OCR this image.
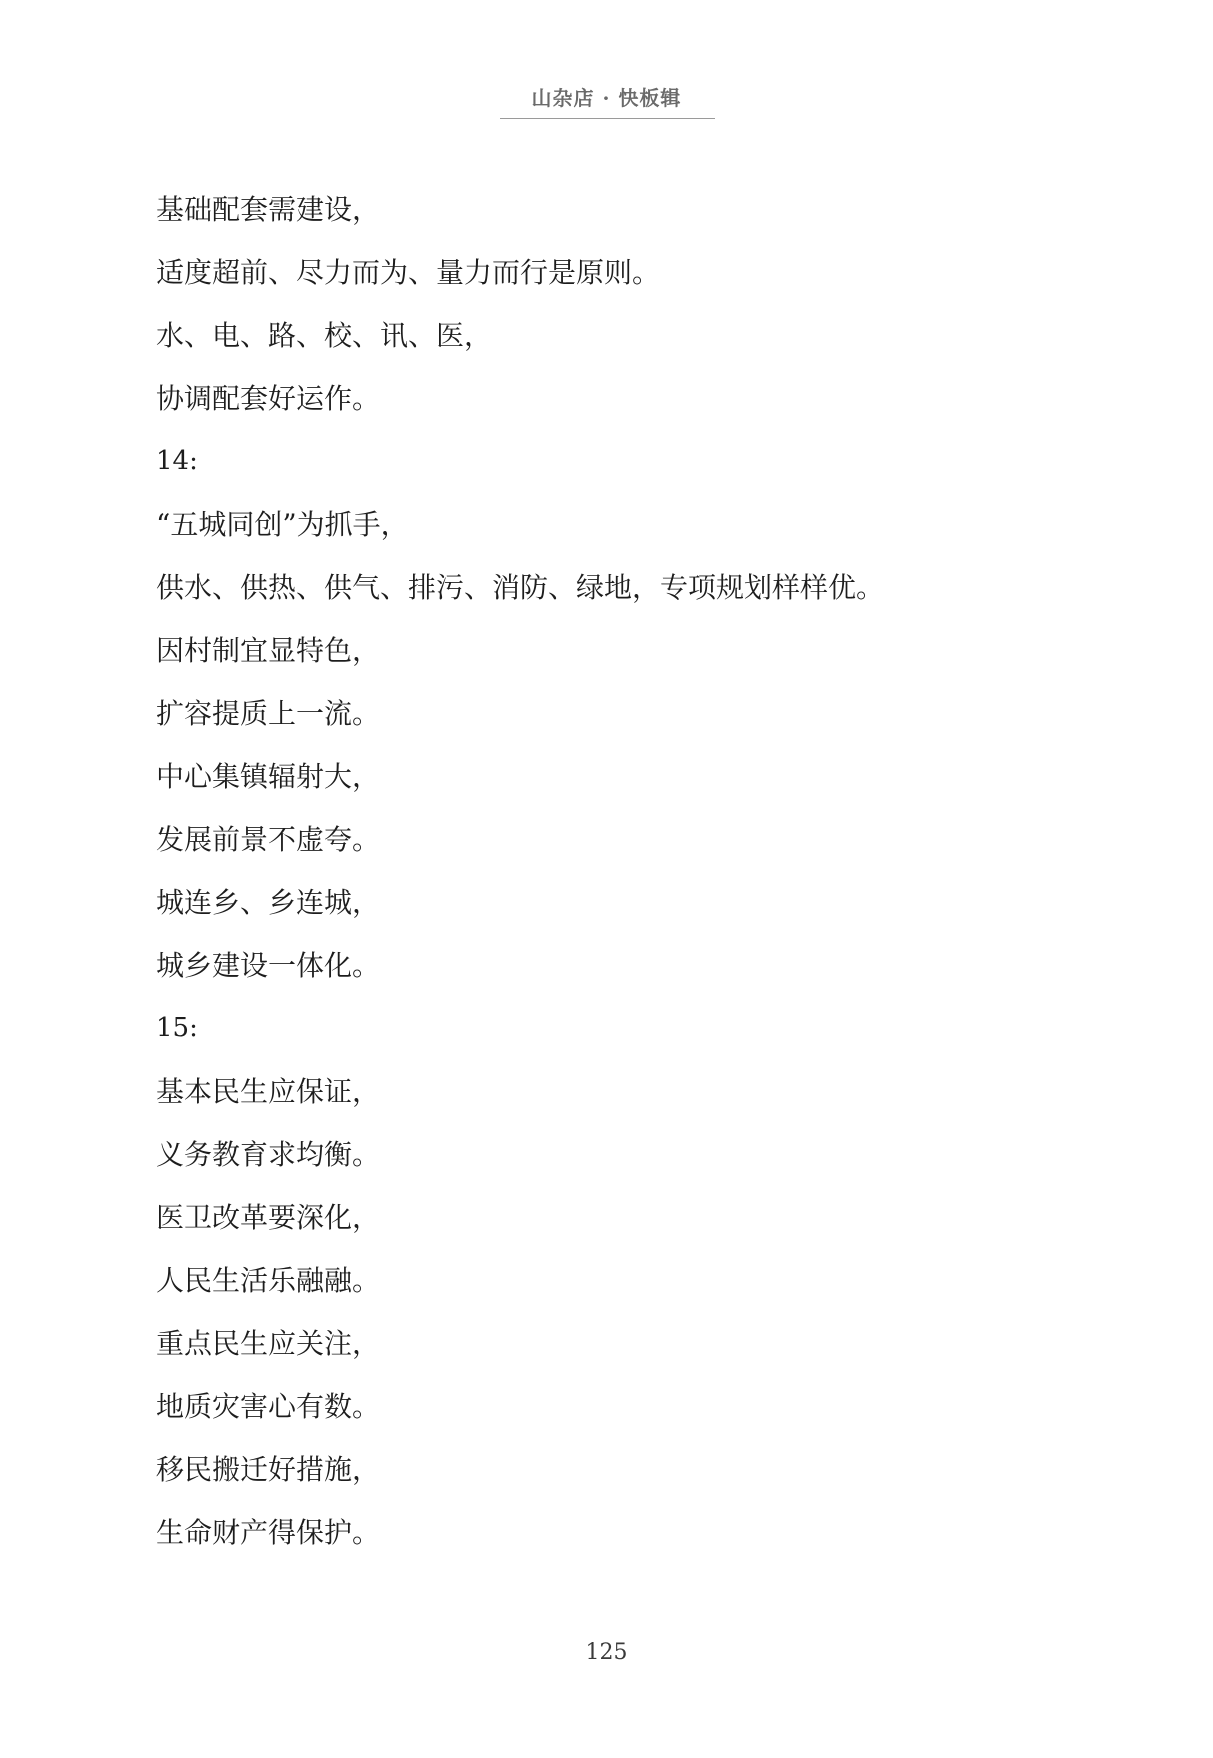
山杂店 · 快板辑
基础配套需建设，
适度超前、尽力而为、量力而行是原则。
水、电、路、校、讯、医，
协调配套好运作。
14:
“五城同创”为抓手，
供水、供热、供气、排污、消防、绿地，专项规划样样优。
因村制宜显特色，
扩容提质上一流。
中心集镇辐射大，
发展前景不虚夸。
城连乡、乡连城，
城乡建设一体化。
15:
基本民生应保证，
义务教育求均衡。
医卫改革要深化，
人民生活乐融融。
重点民生应关注，
地质灾害心有数。
移民搬迁好措施，
生命财产得保护。
125
